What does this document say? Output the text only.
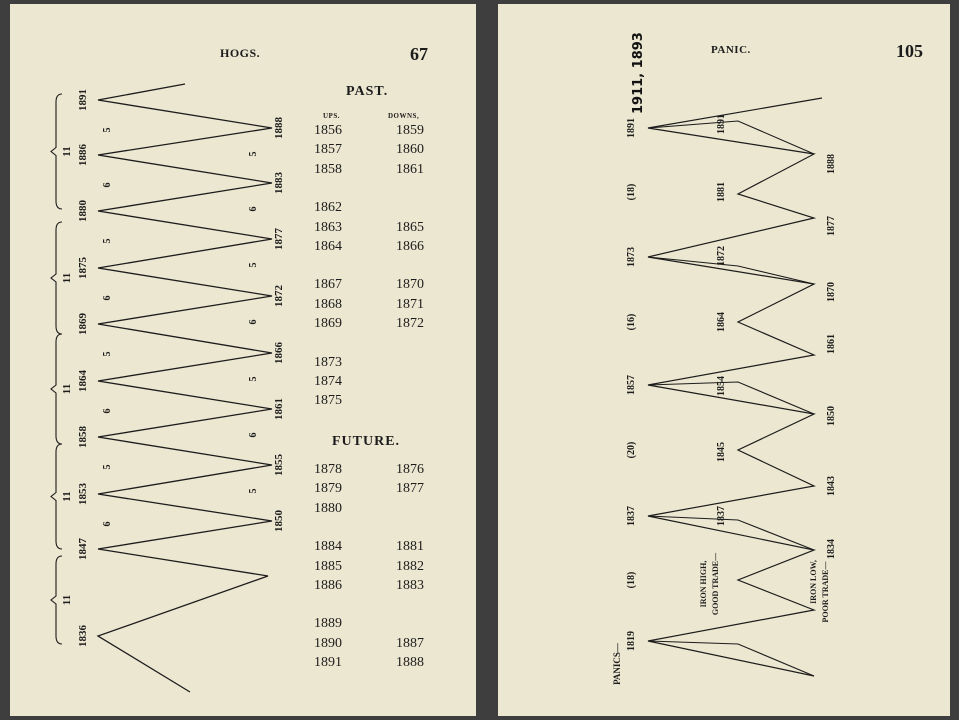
HOGS.	67
PAST.
UPS.	DOWNS,
1856	1859
1857	1860
1858	1861
1862
1863	1865
1864	1866
1867	1870
1868	1871
1869	1872
1873
1874
1875
FUTURE.
1878	1876
1879	1877
1880
1884	1881
1885	1882
1886	1883
1889
1890	1887
1891	1888
1891
5
1886
6
1880
5
1875
6
1869
5
1864
6
1858
5
1853
6
1847
1836
1888
5
1883
6
1877
5
1872
6
1866
5
1861
6
1855
5
1850
11
11
11
11
11
PANIC.	105
1911, 1893
1891
1873
1857
1837
1819
(18)
(16)
(20)
(18)
1891
1881
1872
1864
1854
1845
1837
1888
1877
1870
1861
1850
1843
1834
PANICS—
IRON HIGH, GOOD TRADE—	IRON LOW, POOR TRADE—
